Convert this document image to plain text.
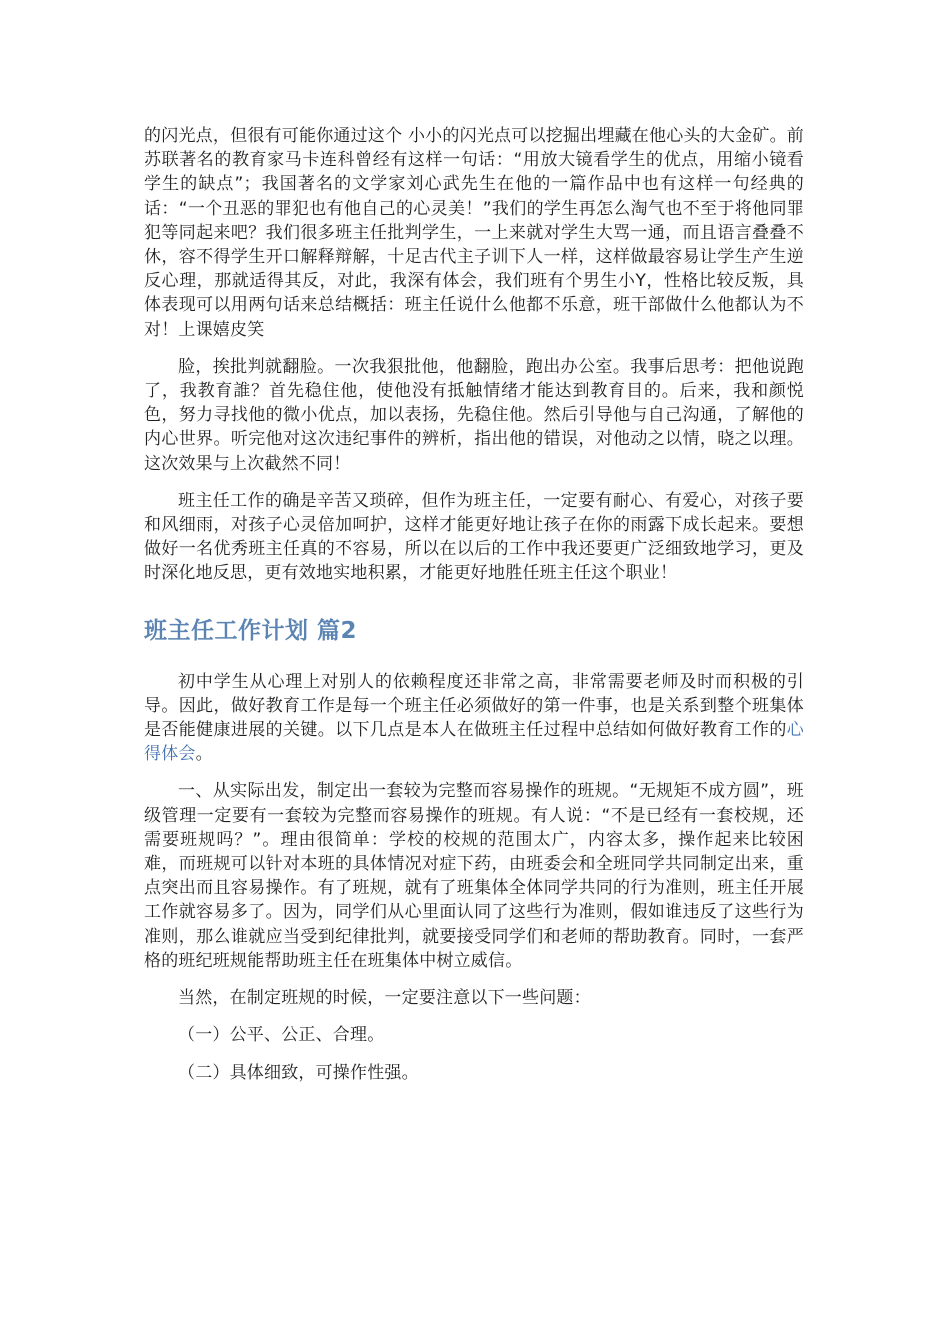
的闪光点，但很有可能你通过这个 小小的闪光点可以挖掘出埋藏在他心头的大金矿。前苏联著名的教育家马卡连科曾经有这样一句话：“用放大镜看学生的优点，用缩小镜看学生的缺点”；我国著名的文学家刘心武先生在他的一篇作品中也有这样一句经典的话：“一个丑恶的罪犯也有他自己的心灵美！”我们的学生再怎么淘气也不至于将他同罪犯等同起来吧？我们很多班主任批判学生，一上来就对学生大骂一通，而且语言叠叠不休，容不得学生开口解释辩解，十足古代主子训下人一样，这样做最容易让学生产生逆反心理，那就适得其反，对此，我深有体会，我们班有个男生小Y，性格比较反叛，具体表现可以用两句话来总结概括：班主任说什么他都不乐意，班干部做什么他都认为不对！上课嬉皮笑

脸，挨批判就翻脸。一次我狠批他，他翻脸，跑出办公室。我事后思考：把他说跑了，我教育誰？首先稳住他，使他没有抵触情绪才能达到教育目的。后来，我和颜悦色，努力寻找他的微小优点，加以表扬，先稳住他。然后引导他与自己沟通，了解他的内心世界。听完他对这次违纪事件的辨析，指出他的错误，对他动之以情，晓之以理。这次效果与上次截然不同！

班主任工作的确是辛苦又琐碎，但作为班主任，一定要有耐心、有爱心，对孩子要和风细雨，对孩子心灵倍加呵护，这样才能更好地让孩子在你的雨露下成长起来。要想做好一名优秀班主任真的不容易，所以在以后的工作中我还要更广泛细致地学习，更及时深化地反思，更有效地实地积累，才能更好地胜任班主任这个职业！

班主任工作计划 篇2

初中学生从心理上对别人的依赖程度还非常之高，非常需要老师及时而积极的引导。因此，做好教育工作是每一个班主任必须做好的第一件事，也是关系到整个班集体是否能健康进展的关键。以下几点是本人在做班主任过程中总结如何做好教育工作的心得体会。

一、从实际出发，制定出一套较为完整而容易操作的班规。“无规矩不成方圆”，班级管理一定要有一套较为完整而容易操作的班规。有人说：“不是已经有一套校规，还需要班规吗？”。理由很简单：学校的校规的范围太广，内容太多，操作起来比较困难，而班规可以针对本班的具体情况对症下药，由班委会和全班同学共同制定出来，重点突出而且容易操作。有了班规，就有了班集体全体同学共同的行为准则，班主任开展工作就容易多了。因为，同学们从心里面认同了这些行为准则，假如谁违反了这些行为准则，那么谁就应当受到纪律批判，就要接受同学们和老师的帮助教育。同时，一套严格的班纪班规能帮助班主任在班集体中树立威信。

当然，在制定班规的时候，一定要注意以下一些问题：

（一）公平、公正、合理。

（二）具体细致，可操作性强。
